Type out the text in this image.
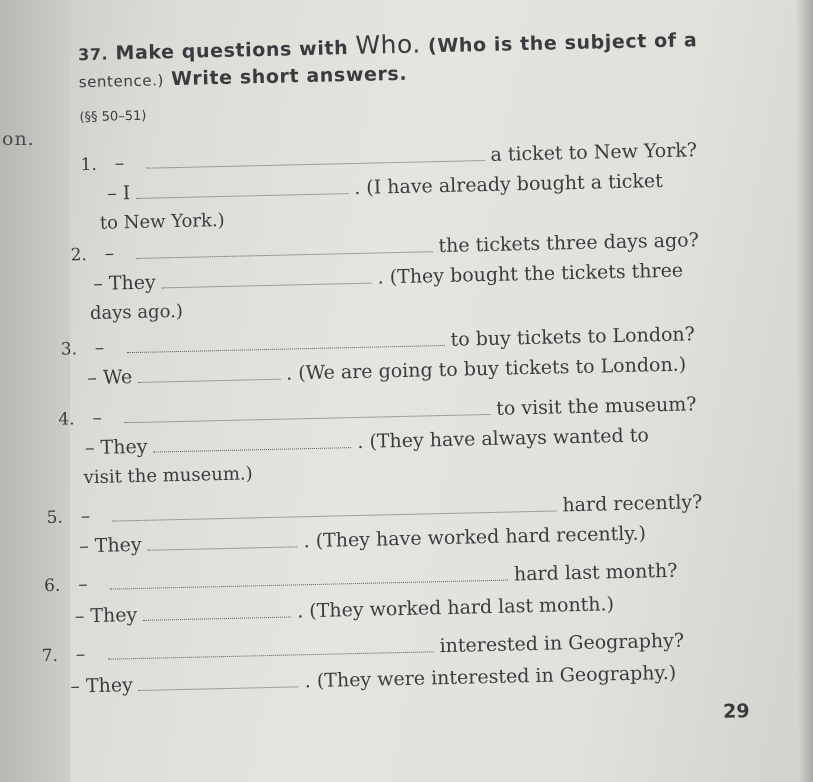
on.
37. Make questions with Who. (Who is the subject of a
sentence.) Write short answers.
(§§ 50–51)
1. –	a ticket to New York?
– I	. (I have already bought a ticket
to New York.)
2. –	the tickets three days ago?
– They	. (They bought the tickets three
days ago.)
3. –	to buy tickets to London?
– We	. (We are going to buy tickets to London.)
4. –	to visit the museum?
– They	. (They have always wanted to
visit the museum.)
5. –	hard recently?
– They	. (They have worked hard recently.)
6. –	hard last month?
– They	. (They worked hard last month.)
7. –	interested in Geography?
– They	. (They were interested in Geography.)
29
